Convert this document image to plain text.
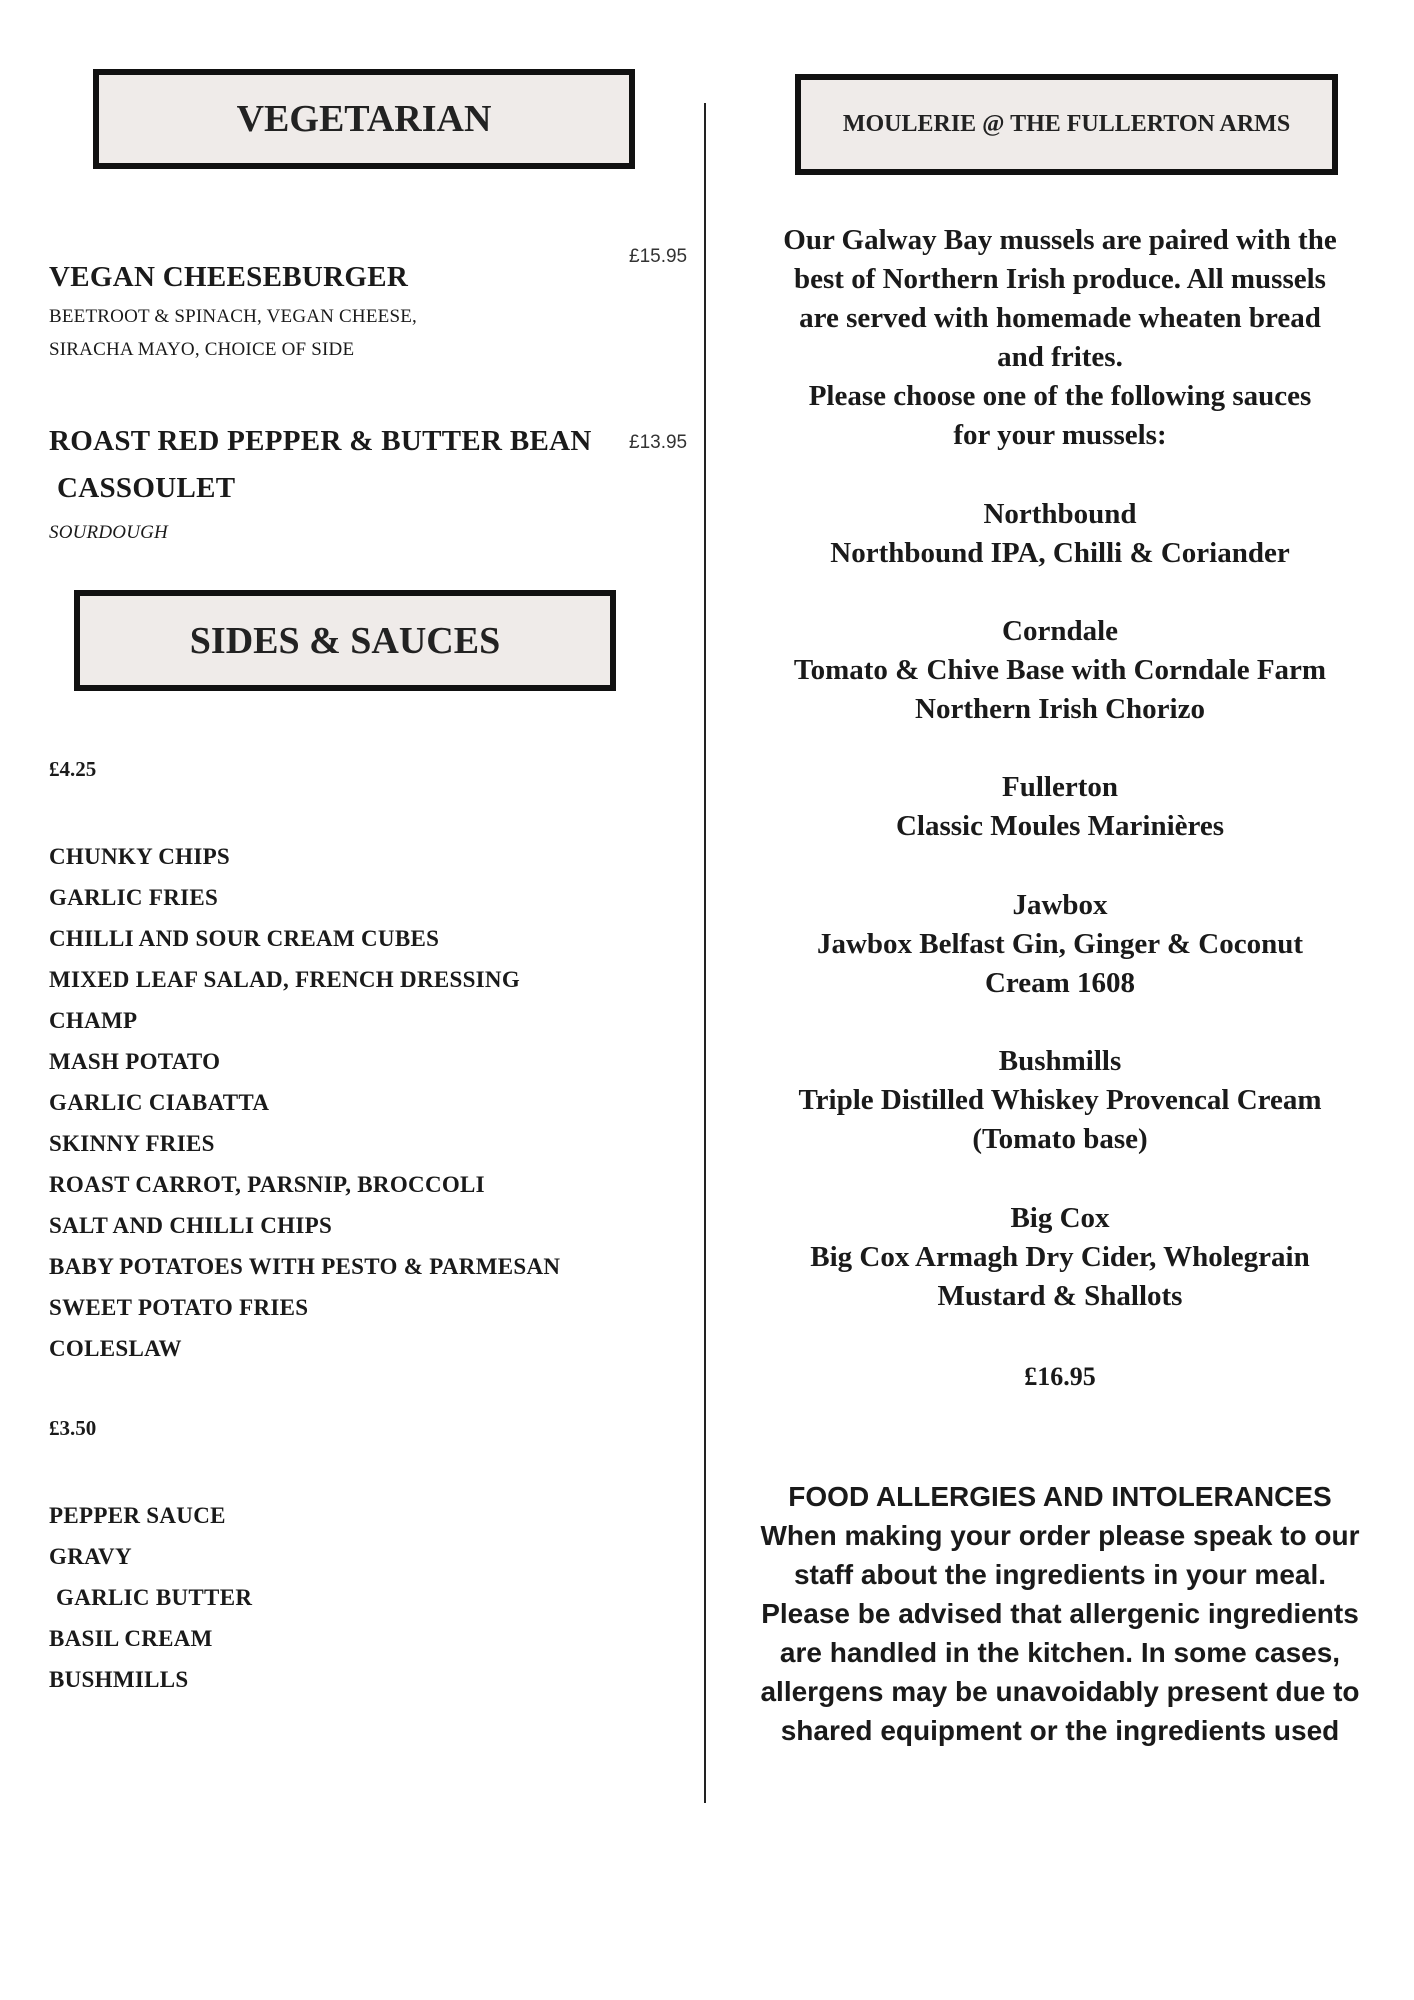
VEGETARIAN
£15.95
VEGAN CHEESEBURGER
BEETROOT & SPINACH, VEGAN CHEESE,
SIRACHA MAYO, CHOICE OF SIDE
ROAST RED PEPPER & BUTTER BEAN £13.95
CASSOULET
SOURDOUGH
SIDES & SAUCES
£4.25
CHUNKY CHIPS
GARLIC FRIES
CHILLI AND SOUR CREAM CUBES
MIXED LEAF SALAD, FRENCH DRESSING
CHAMP
MASH POTATO
GARLIC CIABATTA
SKINNY FRIES
ROAST CARROT, PARSNIP, BROCCOLI
SALT AND CHILLI CHIPS
BABY POTATOES WITH PESTO & PARMESAN
SWEET POTATO FRIES
COLESLAW
£3.50
PEPPER SAUCE
GRAVY
GARLIC BUTTER
BASIL CREAM
BUSHMILLS
MOULERIE @ THE FULLERTON ARMS
Our Galway Bay mussels are paired with the
best of Northern Irish produce. All mussels
are served with homemade wheaten bread
and frites.
Please choose one of the following sauces
for your mussels:
Northbound
Northbound IPA, Chilli & Coriander
Corndale
Tomato & Chive Base with Corndale Farm
Northern Irish Chorizo
Fullerton
Classic Moules Marinières
Jawbox
Jawbox Belfast Gin, Ginger & Coconut
Cream 1608
Bushmills
Triple Distilled Whiskey Provencal Cream
(Tomato base)
Big Cox
Big Cox Armagh Dry Cider, Wholegrain
Mustard & Shallots
£16.95
FOOD ALLERGIES AND INTOLERANCES
When making your order please speak to our
staff about the ingredients in your meal.
Please be advised that allergenic ingredients
are handled in the kitchen. In some cases,
allergens may be unavoidably present due to
shared equipment or the ingredients used
